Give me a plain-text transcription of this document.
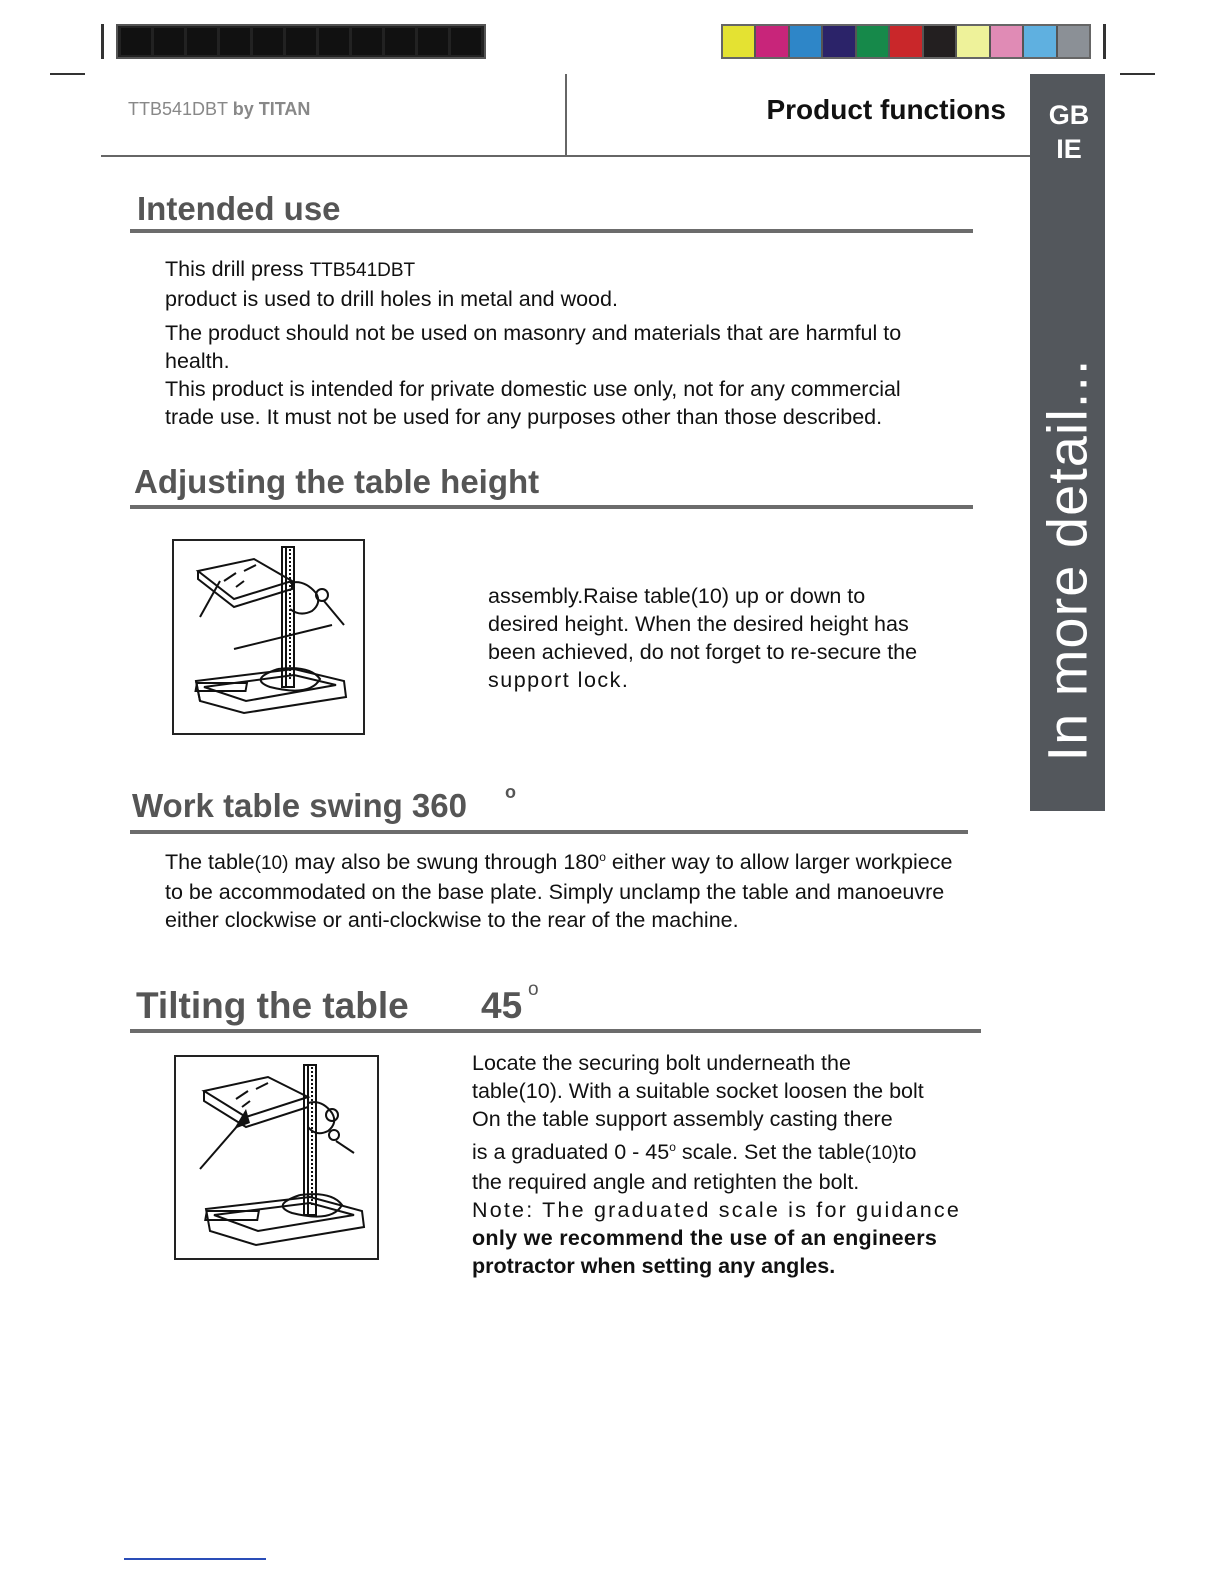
TTB541DBT by TITAN	Product functions	GB
IE
In more detail...
Intended use
This drill press TTB541DBT
product is used to drill holes in metal and wood.
The product should not be used on masonry and materials that are harmful to
health.
This product is intended for private domestic use only, not for any commercial
trade use. It must not be used for any purposes other than those described.
Adjusting the table height
assembly.Raise table(10) up or down to
desired height. When the desired height has
been achieved, do not forget to re-secure the
support lock.
Work table swing 360 o
The table(10) may also be swung through 180$^o$ either way to allow larger workpiece
to be accommodated on the base plate. Simply unclamp the table and manoeuvre
either clockwise or anti-clockwise to the rear of the machine.
Tilting the table 45 o
Locate the securing bolt underneath the
table(10). With a suitable socket loosen the bolt
On the table support assembly casting there
is a graduated 0 - 45$^o$ scale. Set the table(10)to
the required angle and retighten the bolt.
Note: The graduated scale is for guidance
only we recommend the use of an engineers
protractor when setting any angles.
